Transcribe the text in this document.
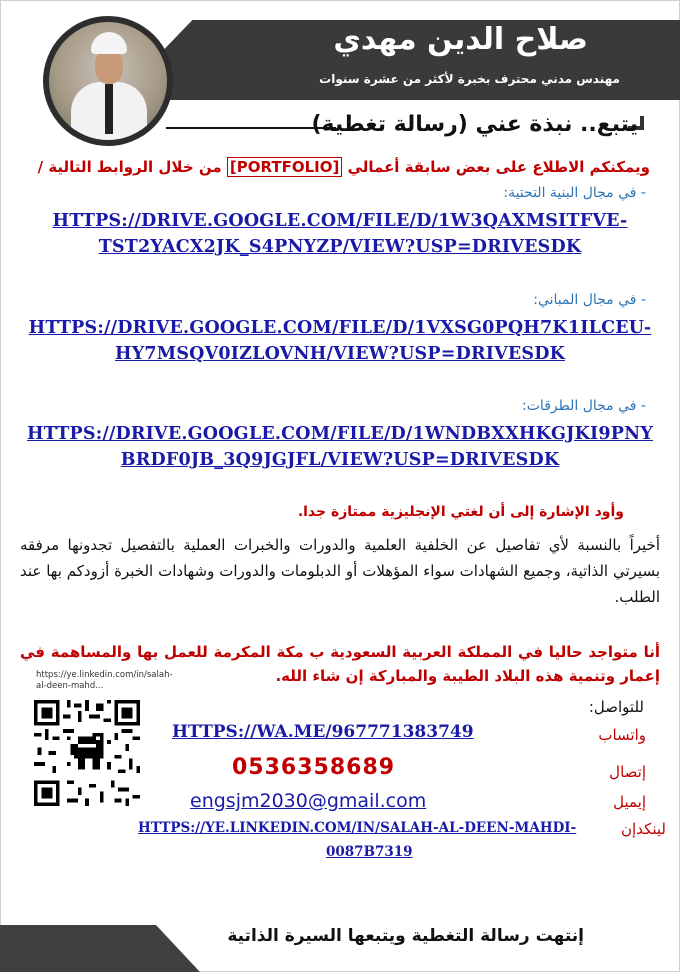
صلاح الدين مهدي
مهندس مدني محترف بخبرة لأكثر من عشرة سنوات
يتبع.. نبذة عني (رسالة تغطية)
ويمكنكم الاطلاع على بعض سابقة أعمالي [PORTFOLIO] من خلال الروابط التالية /
- في مجال البنية التحتية:
HTTPS://DRIVE.GOOGLE.COM/FILE/D/1W3QAXMSITFVE-
TST2YACX2JK_S4PNYZP/VIEW?USP=DRIVESDK
- في مجال المباني:
HTTPS://DRIVE.GOOGLE.COM/FILE/D/1VXSG0PQH7K1ILCEU-
HY7MSQV0IZLOVNH/VIEW?USP=DRIVESDK
- في مجال الطرقات:
HTTPS://DRIVE.GOOGLE.COM/FILE/D/1WNDBXXHKGJKI9PNY
BRDF0JB_3Q9JGJFL/VIEW?USP=DRIVESDK
وأود الإشارة إلى أن لغتي الإنجليزية ممتازة جدا.
أخيراً بالنسبة لأي تفاصيل عن الخلفية العلمية والدورات والخبرات العملية بالتفصيل تجدونها مرفقه بسيرتي الذاتية، وجميع الشهادات سواء المؤهلات أو الدبلومات والدورات وشهادات الخبرة أزودكم بها عند الطلب.
أنا متواجد حاليا في المملكة العربية السعودية ب مكة المكرمة للعمل بها والمساهمة في إعمار وتنمية هذه البلاد الطيبة والمباركة إن شاء الله.
https://ye.linkedin.com/in/salah-al-deen-mahd...
للتواصل:
واتساب
HTTPS://WA.ME/967771383749
إتصال
0536358689
إيميل
engsjm2030@gmail.com
لينكدإن
HTTPS://YE.LINKEDIN.COM/IN/SALAH-AL-DEEN-MAHDI-
0087B7319
إنتهت رسالة التغطية ويتبعها السيرة الذاتية
